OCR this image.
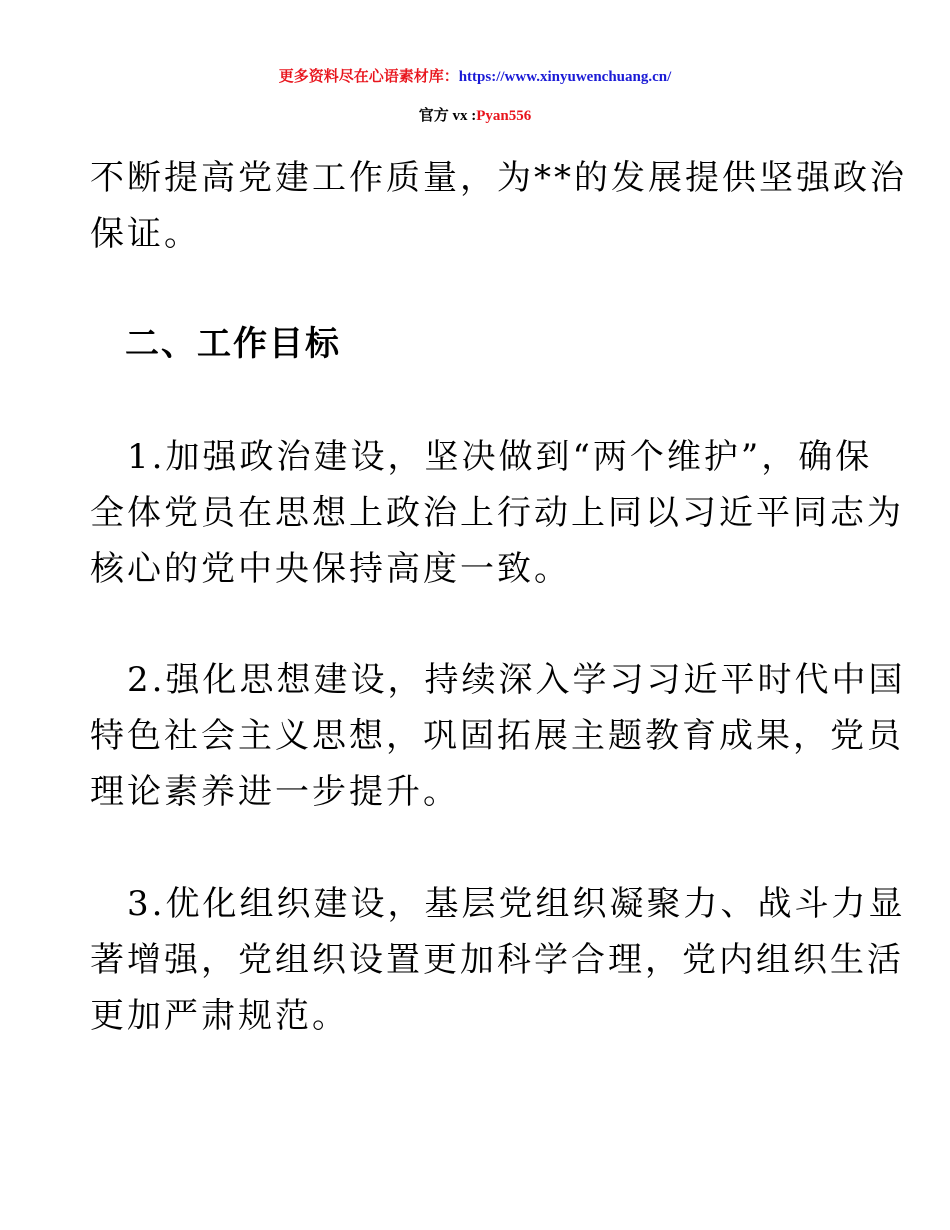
更多资料尽在心语素材库：https://www.xinyuwenchuang.cn/
官方 vx :Pyan556
不断提高党建工作质量，为**的发展提供坚强政治
保证。
二、工作目标
1.加强政治建设，坚决做到“两个维护”，确保
全体党员在思想上政治上行动上同以习近平同志为
核心的党中央保持高度一致。
2.强化思想建设，持续深入学习习近平时代中国
特色社会主义思想，巩固拓展主题教育成果，党员
理论素养进一步提升。
3.优化组织建设，基层党组织凝聚力、战斗力显
著增强，党组织设置更加科学合理，党内组织生活
更加严肃规范。
